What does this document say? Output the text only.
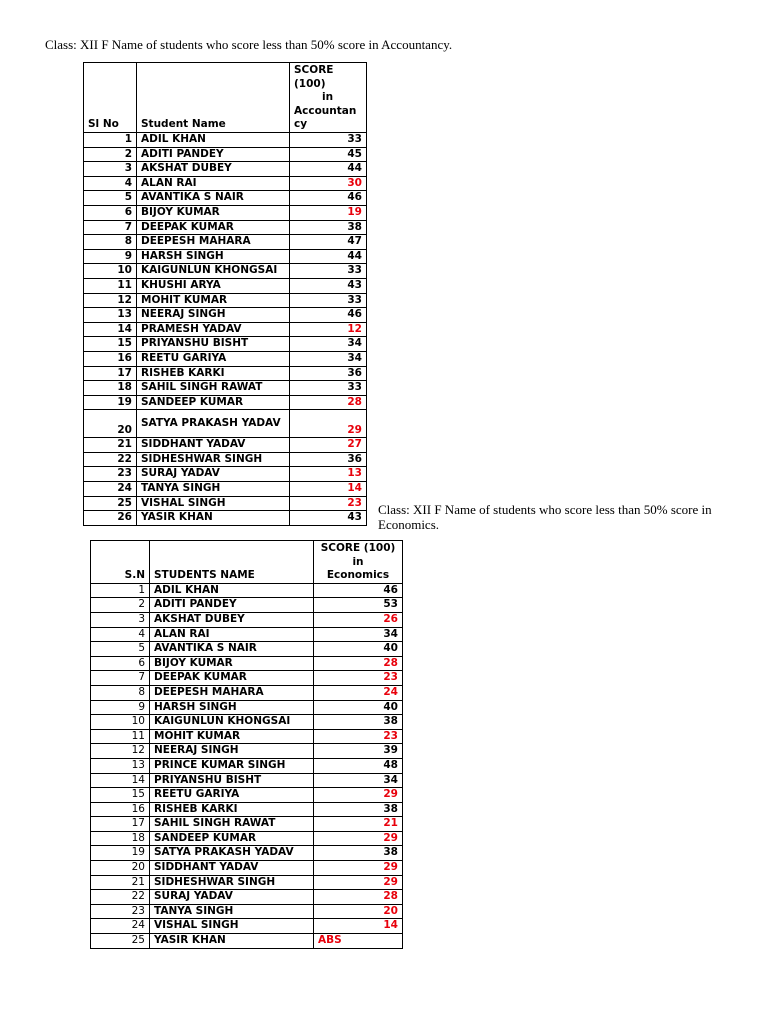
Class: XII F Name of students who score less than 50% score in Accountancy.
Sl No	Student Name	SCORE
(100)
in
Accountan
cy

1	ADIL KHAN	33
2	ADITI PANDEY	45
3	AKSHAT DUBEY	44
4	ALAN RAI	30
5	AVANTIKA S NAIR	46
6	BIJOY KUMAR	19
7	DEEPAK KUMAR	38
8	DEEPESH MAHARA	47
9	HARSH SINGH	44
10	KAIGUNLUN KHONGSAI	33
11	KHUSHI ARYA	43
12	MOHIT KUMAR	33
13	NEERAJ SINGH	46
14	PRAMESH YADAV	12
15	PRIYANSHU BISHT	34
16	REETU GARIYA	34
17	RISHEB KARKI	36
18	SAHIL SINGH RAWAT	33
19	SANDEEP KUMAR	28
20	SATYA PRAKASH YADAV	29
21	SIDDHANT YADAV	27
22	SIDHESHWAR SINGH	36
23	SURAJ YADAV	13
24	TANYA SINGH	14
25	VISHAL SINGH	23
26	YASIR KHAN	43
Class: XII F Name of students who score less than 50% score in Economics.
S.N	STUDENTS NAME	SCORE (100)
in
Economics

1	ADIL KHAN	46
2	ADITI PANDEY	53
3	AKSHAT DUBEY	26
4	ALAN RAI	34
5	AVANTIKA S NAIR	40
6	BIJOY KUMAR	28
7	DEEPAK KUMAR	23
8	DEEPESH MAHARA	24
9	HARSH SINGH	40
10	KAIGUNLUN KHONGSAI	38
11	MOHIT KUMAR	23
12	NEERAJ SINGH	39
13	PRINCE KUMAR SINGH	48
14	PRIYANSHU BISHT	34
15	REETU GARIYA	29
16	RISHEB KARKI	38
17	SAHIL SINGH RAWAT	21
18	SANDEEP KUMAR	29
19	SATYA PRAKASH YADAV	38
20	SIDDHANT YADAV	29
21	SIDHESHWAR SINGH	29
22	SURAJ YADAV	28
23	TANYA SINGH	20
24	VISHAL SINGH	14
25	YASIR KHAN	ABS
